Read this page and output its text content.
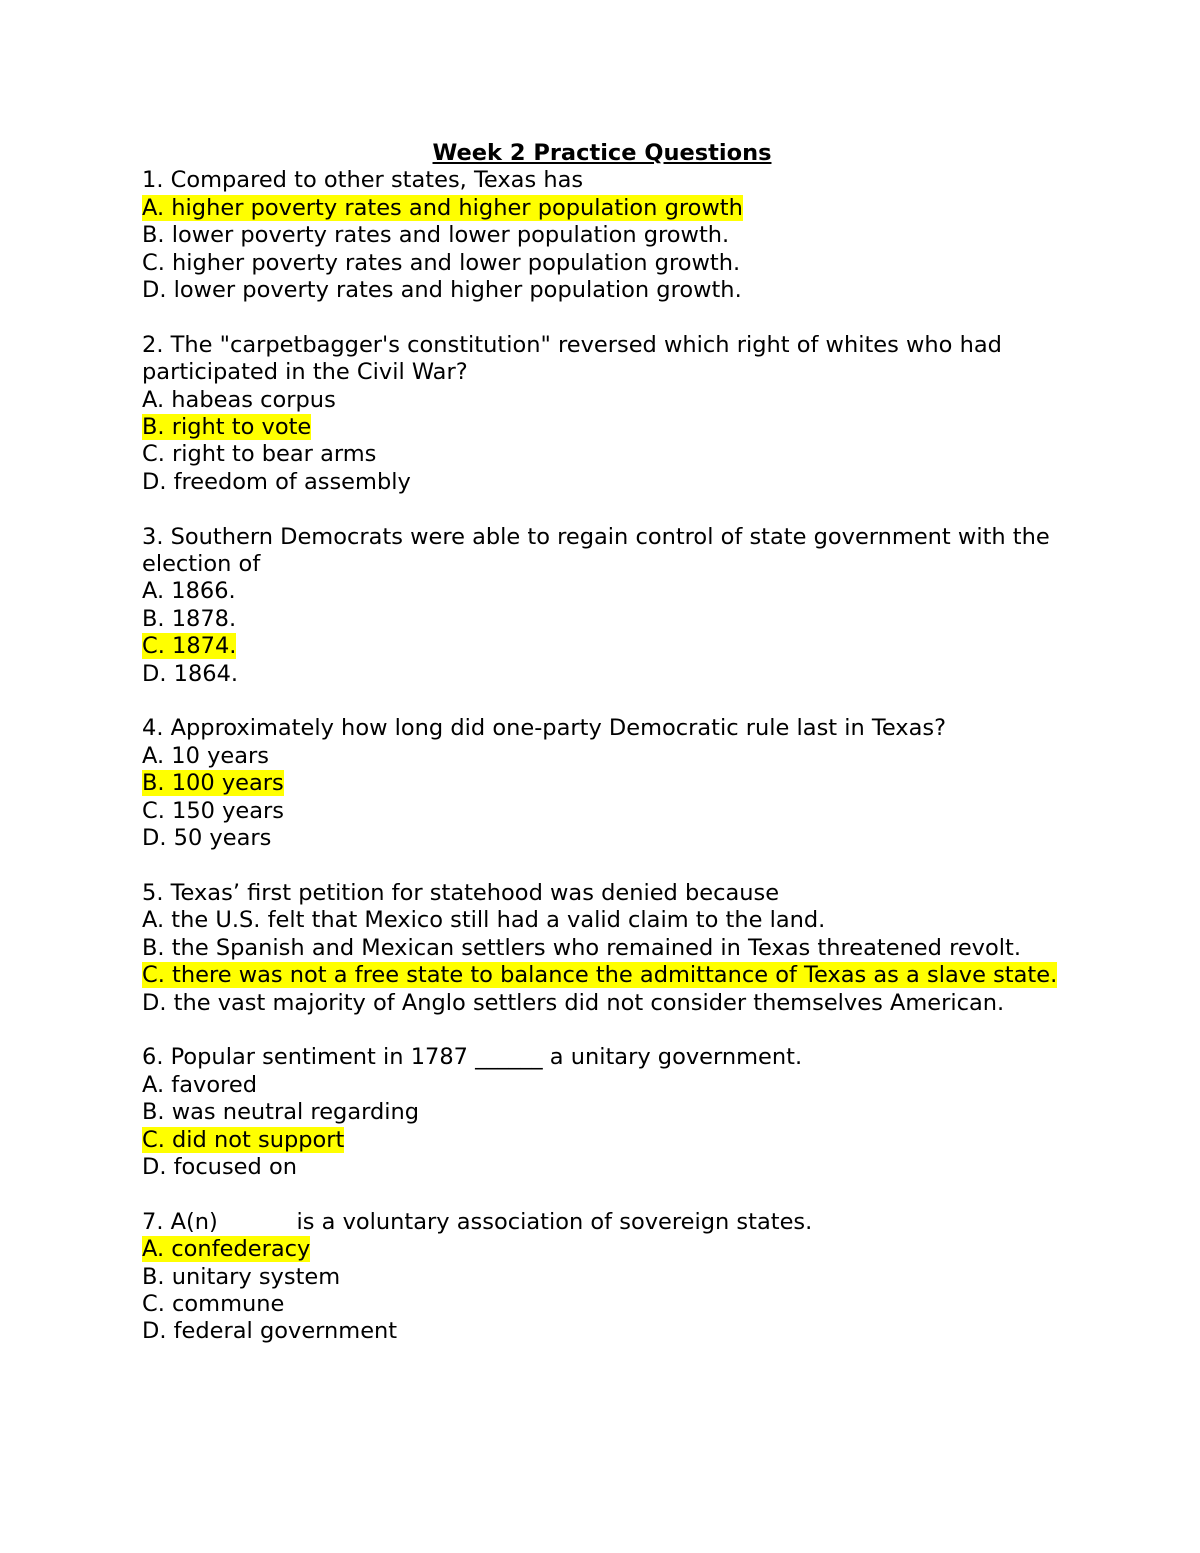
Week 2 Practice Questions
1. Compared to other states, Texas has
A. higher poverty rates and higher population growth
B. lower poverty rates and lower population growth.
C. higher poverty rates and lower population growth.
D. lower poverty rates and higher population growth.
2. The "carpetbagger's constitution" reversed which right of whites who had participated in the Civil War?
A. habeas corpus
B. right to vote
C. right to bear arms
D. freedom of assembly
3. Southern Democrats were able to regain control of state government with the election of
A. 1866.
B. 1878.
C. 1874.
D. 1864.
4. Approximately how long did one-party Democratic rule last in Texas?
A. 10 years
B. 100 years
C. 150 years
D. 50 years
5. Texas’ first petition for statehood was denied because
A. the U.S. felt that Mexico still had a valid claim to the land.
B. the Spanish and Mexican settlers who remained in Texas threatened revolt.
C. there was not a free state to balance the admittance of Texas as a slave state.
D. the vast majority of Anglo settlers did not consider themselves American.
6. Popular sentiment in 1787 ______ a unitary government.
A. favored
B. was neutral regarding
C. did not support
D. focused on
7. A(n)           is a voluntary association of sovereign states.
A. confederacy
B. unitary system
C. commune
D. federal government
